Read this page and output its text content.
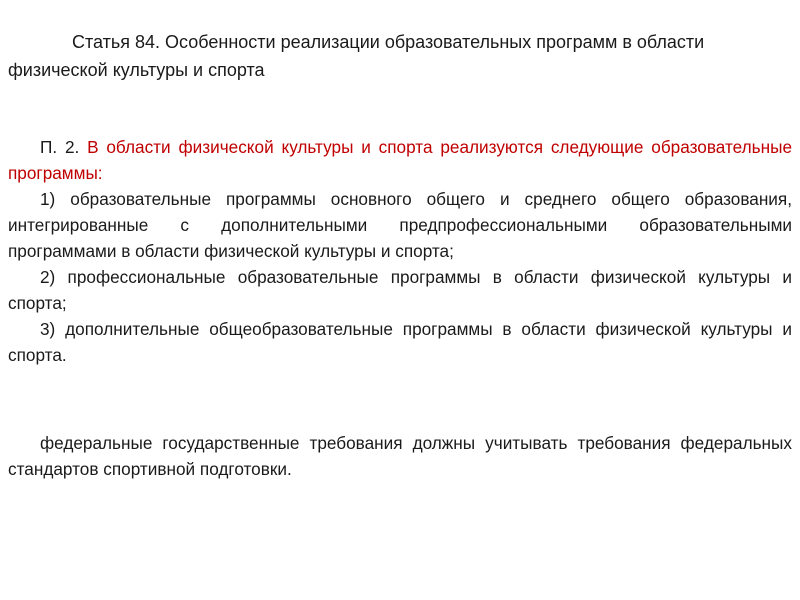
Статья 84. Особенности реализации образовательных программ в области физической культуры и спорта

П. 2. В области физической культуры и спорта реализуются следующие образовательные программы:

1) образовательные программы основного общего и среднего общего образования, интегрированные с дополнительными предпрофессиональными образовательными программами в области физической культуры и спорта;

2) профессиональные образовательные программы в области физической культуры и спорта;

3) дополнительные общеобразовательные программы в области физической культуры и спорта.

федеральные государственные требования должны учитывать требования федеральных стандартов спортивной подготовки.
